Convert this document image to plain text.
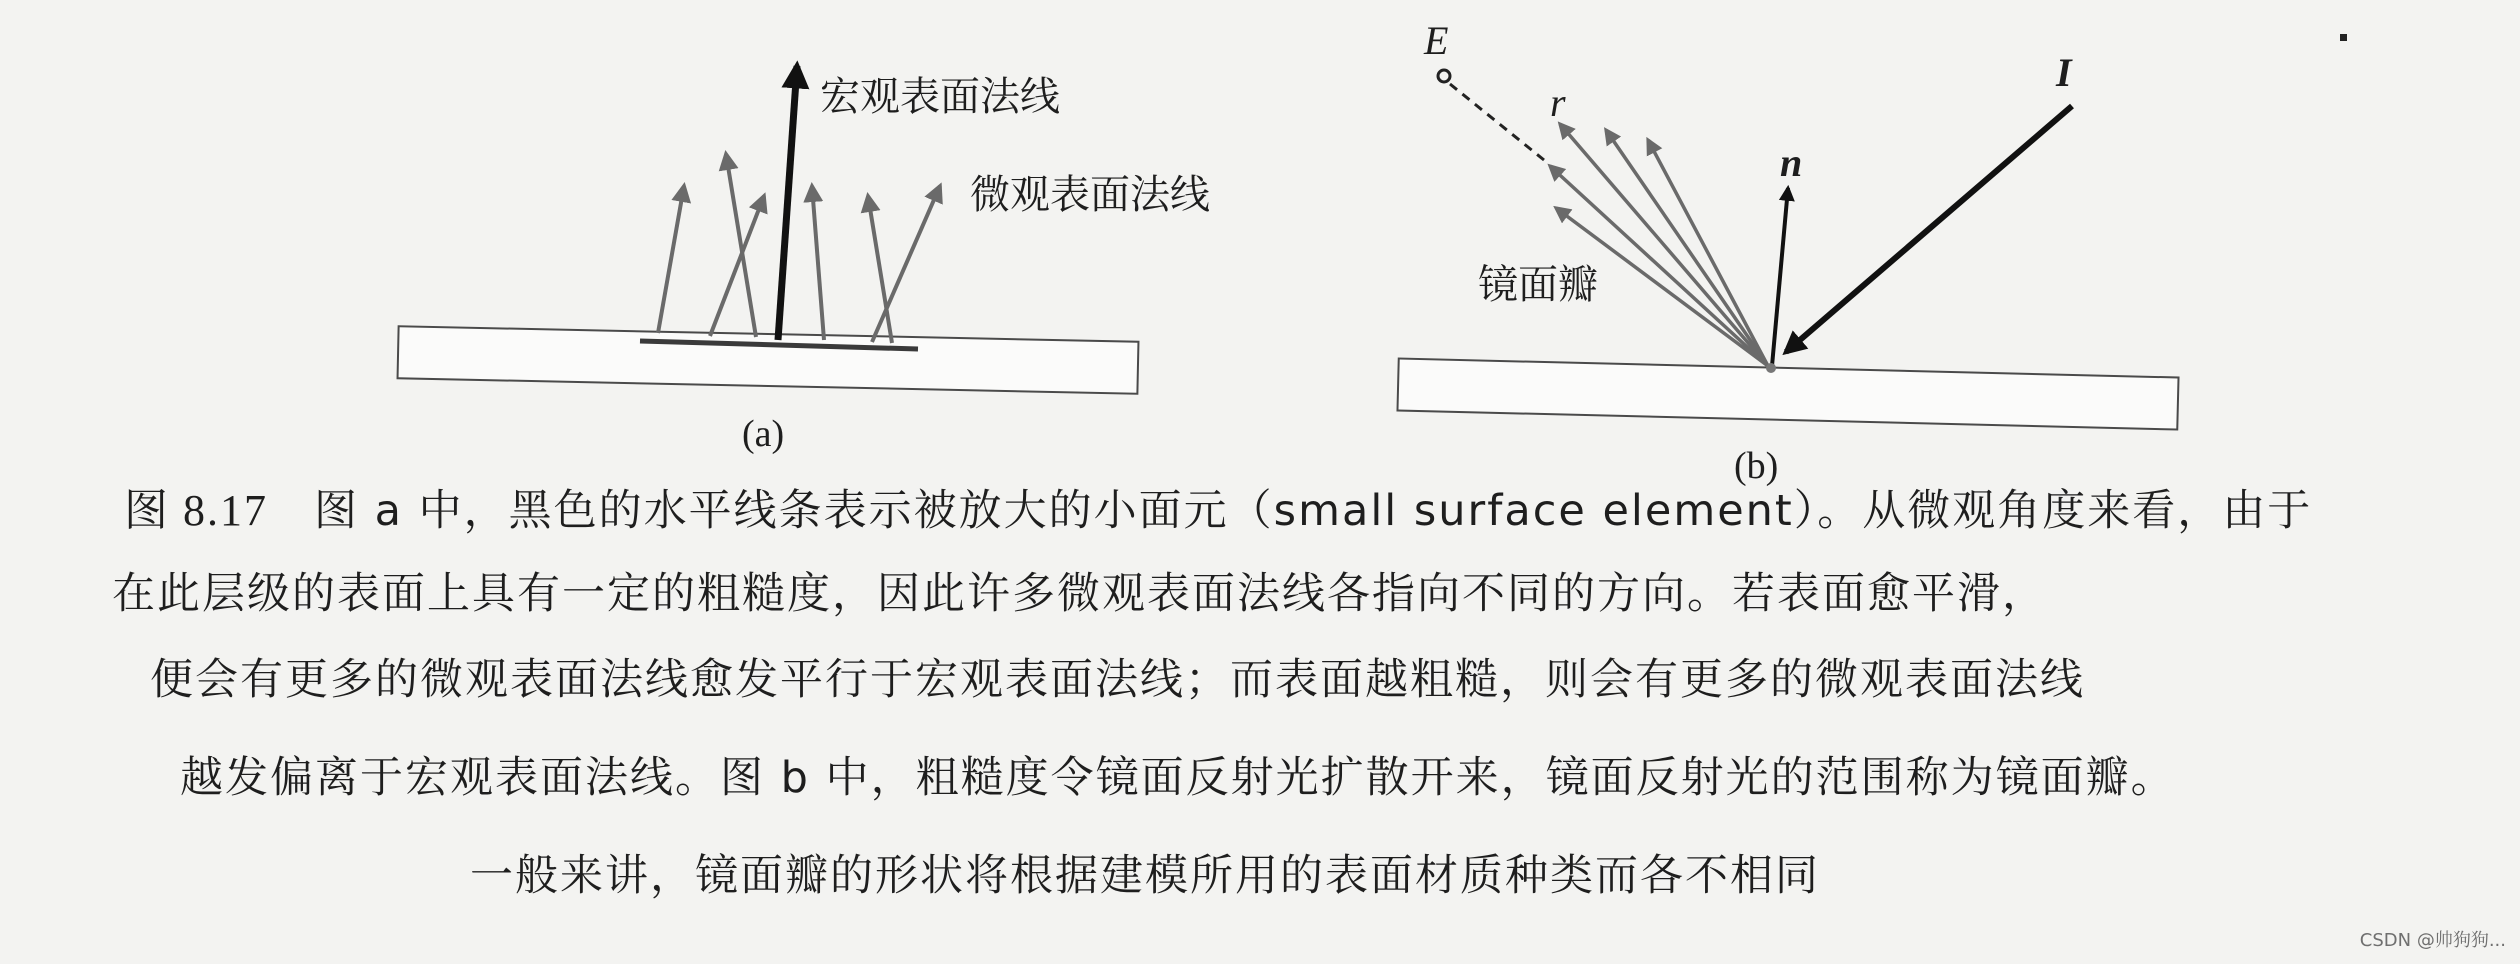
宏观表面法线
微观表面法线
(a)
E
r
n
I
镜面瓣
(b)
图 8.17 图 a 中，黑色的水平线条表示被放大的小面元（small surface element）。从微观角度来看，由于
在此层级的表面上具有一定的粗糙度，因此许多微观表面法线各指向不同的方向。若表面愈平滑，
便会有更多的微观表面法线愈发平行于宏观表面法线；而表面越粗糙，则会有更多的微观表面法线
越发偏离于宏观表面法线。图 b 中，粗糙度令镜面反射光扩散开来，镜面反射光的范围称为镜面瓣。
一般来讲，镜面瓣的形状将根据建模所用的表面材质种类而各不相同
CSDN @帅狗狗...
